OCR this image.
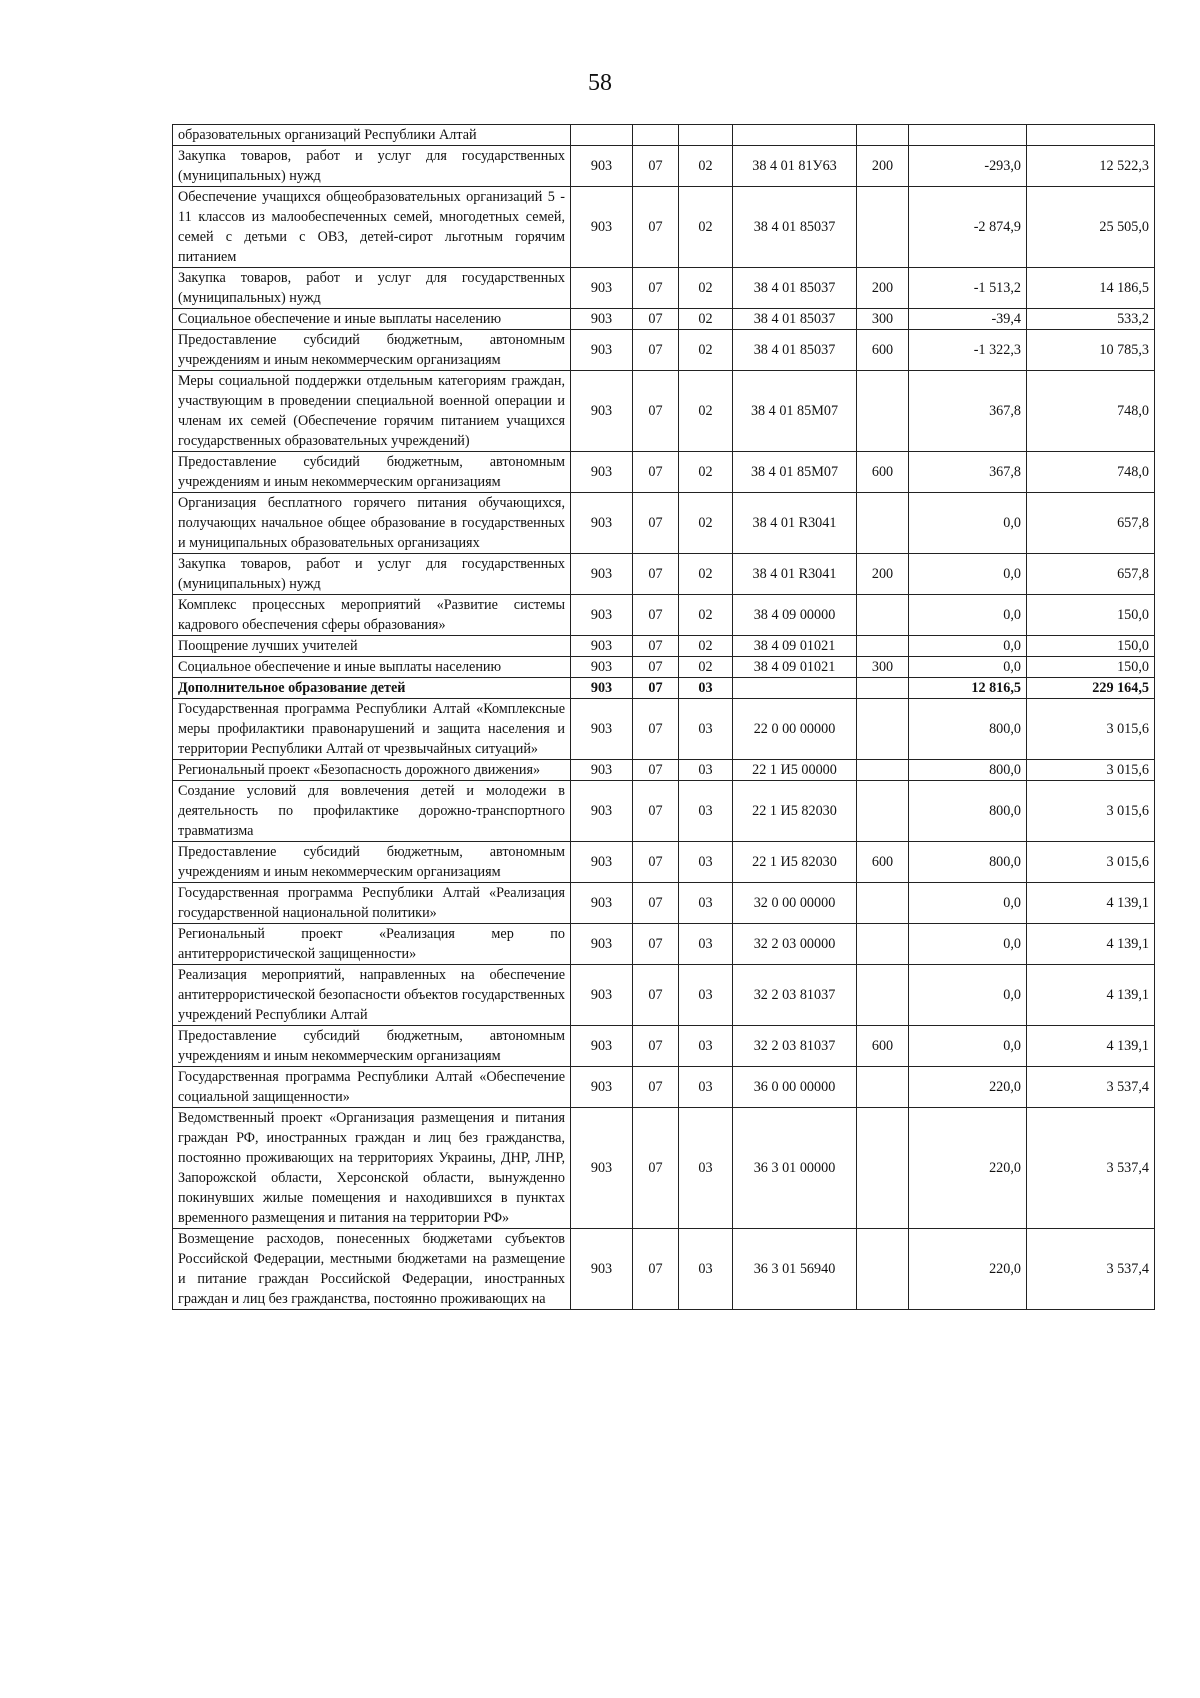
58
образовательных организаций Республики Алтай							
Закупка товаров, работ и услуг для государственных (муниципальных) нужд	903	07	02	38 4 01 81У63	200	-293,0	12 522,3
Обеспечение учащихся общеобразовательных организаций 5 - 11 классов из малообеспеченных семей, многодетных семей, семей с детьми с ОВЗ, детей-сирот льготным горячим питанием	903	07	02	38 4 01 85037		-2 874,9	25 505,0
Закупка товаров, работ и услуг для государственных (муниципальных) нужд	903	07	02	38 4 01 85037	200	-1 513,2	14 186,5
Социальное обеспечение и иные выплаты населению	903	07	02	38 4 01 85037	300	-39,4	533,2
Предоставление субсидий бюджетным, автономным учреждениям и иным некоммерческим организациям	903	07	02	38 4 01 85037	600	-1 322,3	10 785,3
Меры социальной поддержки отдельным категориям граждан, участвующим в проведении специальной военной операции и членам их семей (Обеспечение горячим питанием учащихся государственных образовательных учреждений)	903	07	02	38 4 01 85М07		367,8	748,0
Предоставление субсидий бюджетным, автономным учреждениям и иным некоммерческим организациям	903	07	02	38 4 01 85М07	600	367,8	748,0
Организация бесплатного горячего питания обучающихся, получающих начальное общее образование в государственных и муниципальных образовательных организациях	903	07	02	38 4 01 R3041		0,0	657,8
Закупка товаров, работ и услуг для государственных (муниципальных) нужд	903	07	02	38 4 01 R3041	200	0,0	657,8
Комплекс процессных мероприятий «Развитие системы кадрового обеспечения сферы образования»	903	07	02	38 4 09 00000		0,0	150,0
Поощрение лучших учителей	903	07	02	38 4 09 01021		0,0	150,0
Социальное обеспечение и иные выплаты населению	903	07	02	38 4 09 01021	300	0,0	150,0
Дополнительное образование детей	903	07	03			12 816,5	229 164,5
Государственная программа Республики Алтай «Комплексные меры профилактики правонарушений и защита населения и территории Республики Алтай от чрезвычайных ситуаций»	903	07	03	22 0 00 00000		800,0	3 015,6
Региональный проект «Безопасность дорожного движения»	903	07	03	22 1 И5 00000		800,0	3 015,6
Создание условий для вовлечения детей и молодежи в деятельность по профилактике дорожно-транспортного травматизма	903	07	03	22 1 И5 82030		800,0	3 015,6
Предоставление субсидий бюджетным, автономным учреждениям и иным некоммерческим организациям	903	07	03	22 1 И5 82030	600	800,0	3 015,6
Государственная программа Республики Алтай «Реализация государственной национальной политики»	903	07	03	32 0 00 00000		0,0	4 139,1
Региональный проект «Реализация мер по антитеррористической защищенности»	903	07	03	32 2 03 00000		0,0	4 139,1
Реализация мероприятий, направленных на обеспечение антитеррористической безопасности объектов государственных учреждений Республики Алтай	903	07	03	32 2 03 81037		0,0	4 139,1
Предоставление субсидий бюджетным, автономным учреждениям и иным некоммерческим организациям	903	07	03	32 2 03 81037	600	0,0	4 139,1
Государственная программа Республики Алтай «Обеспечение социальной защищенности»	903	07	03	36 0 00 00000		220,0	3 537,4
Ведомственный проект «Организация размещения и питания граждан РФ, иностранных граждан и лиц без гражданства, постоянно проживающих на территориях Украины, ДНР, ЛНР, Запорожской области, Херсонской области, вынужденно покинувших жилые помещения и находившихся в пунктах временного размещения и питания на территории РФ»	903	07	03	36 3 01 00000		220,0	3 537,4
Возмещение расходов, понесенных бюджетами субъектов Российской Федерации, местными бюджетами на размещение и питание граждан Российской Федерации, иностранных граждан и лиц без гражданства, постоянно проживающих на	903	07	03	36 3 01 56940		220,0	3 537,4
